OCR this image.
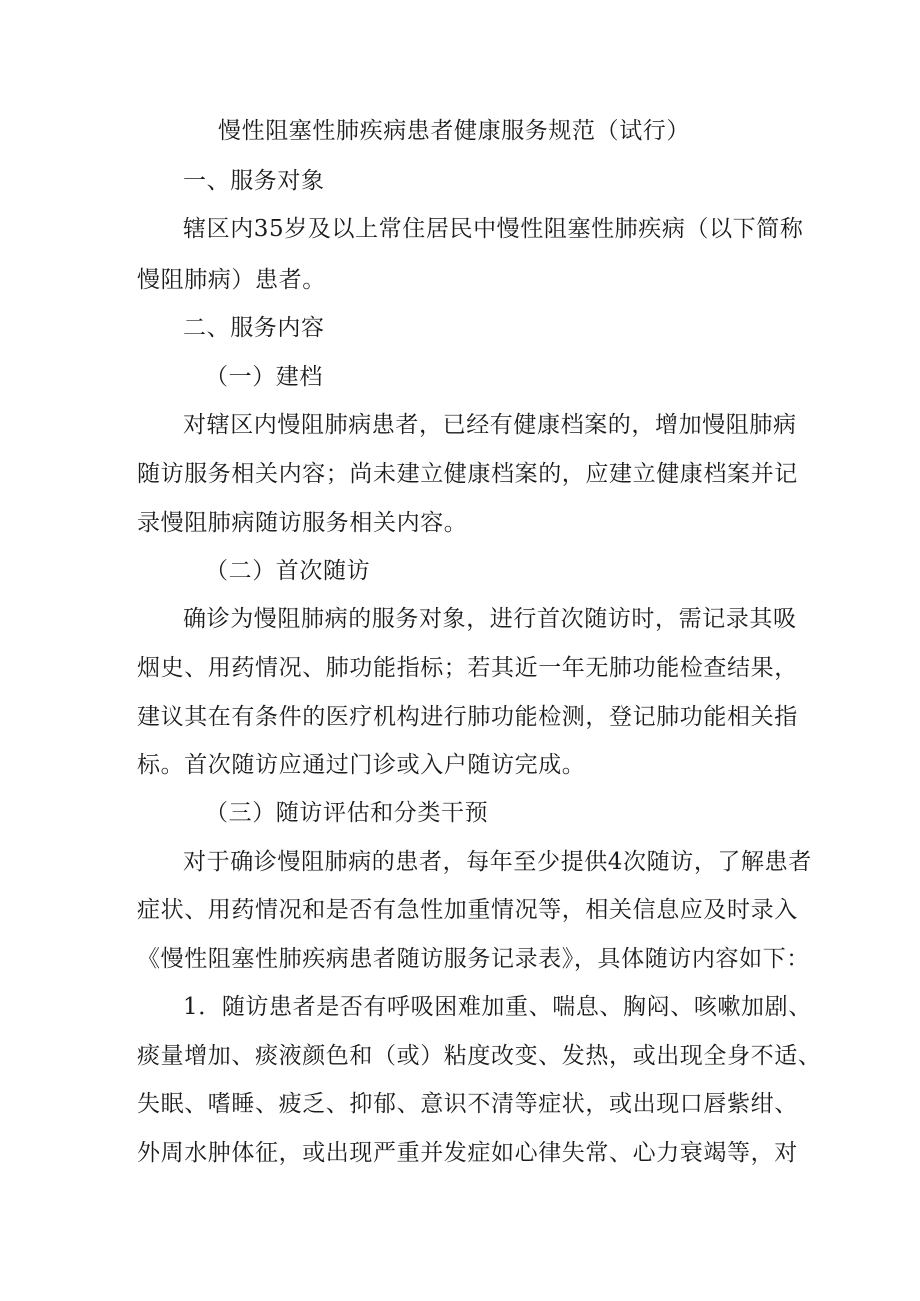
慢性阻塞性肺疾病患者健康服务规范（试行）
一、服务对象
辖区内35岁及以上常住居民中慢性阻塞性肺疾病（以下简称
慢阻肺病）患者。
二、服务内容
（一）建档
对辖区内慢阻肺病患者，已经有健康档案的，增加慢阻肺病
随访服务相关内容；尚未建立健康档案的，应建立健康档案并记
录慢阻肺病随访服务相关内容。
（二）首次随访
确诊为慢阻肺病的服务对象，进行首次随访时，需记录其吸
烟史、用药情况、肺功能指标；若其近一年无肺功能检查结果，
建议其在有条件的医疗机构进行肺功能检测，登记肺功能相关指
标。首次随访应通过门诊或入户随访完成。
（三）随访评估和分类干预
对于确诊慢阻肺病的患者，每年至少提供4次随访，了解患者
症状、用药情况和是否有急性加重情况等，相关信息应及时录入
《慢性阻塞性肺疾病患者随访服务记录表》，具体随访内容如下：
1．随访患者是否有呼吸困难加重、喘息、胸闷、咳嗽加剧、
痰量增加、痰液颜色和（或）粘度改变、发热，或出现全身不适、
失眠、嗜睡、疲乏、抑郁、意识不清等症状，或出现口唇紫绀、
外周水肿体征，或出现严重并发症如心律失常、心力衰竭等，对
